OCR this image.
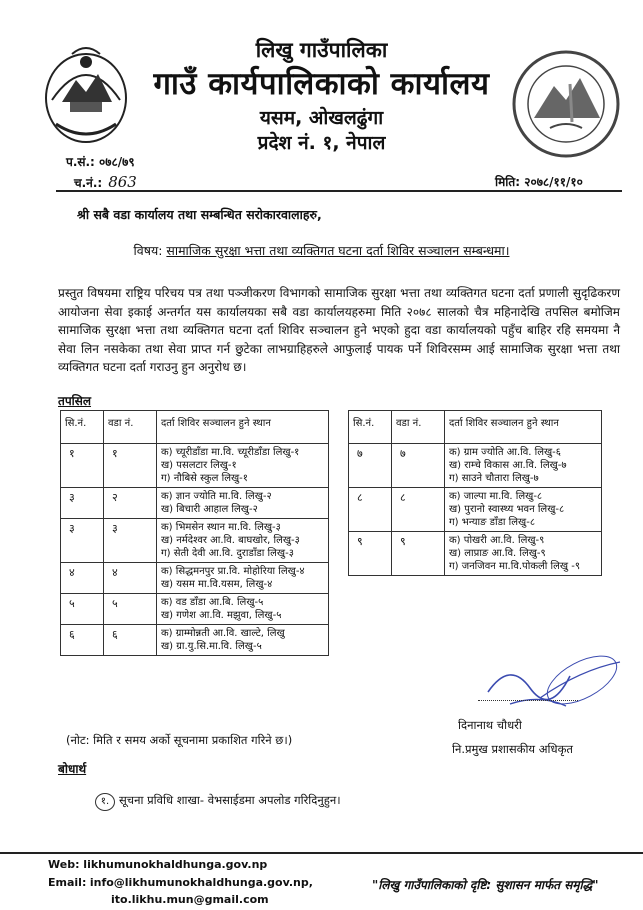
लिखु गाउँपालिका
गाउँ कार्यपालिकाको कार्यालय
यसम, ओखलढुंगा
प्रदेश नं. १, नेपाल
प.सं.: ०७८/७९
च.नं.: 863	मिति: २०७८/११/१०
श्री सबै वडा कार्यालय तथा सम्बन्धित सरोकारवालाहरु,
विषय: सामाजिक सुरक्षा भत्ता तथा व्यक्तिगत घटना दर्ता शिविर सञ्चालन सम्बन्धमा।
प्रस्तुत विषयमा राष्ट्रिय परिचय पत्र तथा पञ्जीकरण विभागको सामाजिक सुरक्षा भत्ता तथा व्यक्तिगत घटना दर्ता प्रणाली सुदृढिकरण आयोजना सेवा इकाई अन्तर्गत यस कार्यालयका सबै वडा कार्यालयहरुमा मिति २०७८ सालको चैत्र महिनादेखि तपसिल बमोजिम सामाजिक सुरक्षा भत्ता तथा व्यक्तिगत घटना दर्ता शिविर सञ्चालन हुने भएको हुदा वडा कार्यालयको पहुँच बाहिर रहि समयमा नै सेवा लिन नसकेका तथा सेवा प्राप्त गर्न छुटेका लाभग्राहिहरुले आफुलाई पायक पर्ने शिविरसम्म आई सामाजिक सुरक्षा भत्ता तथा व्यक्तिगत घटना दर्ता गराउनु हुन अनुरोध छ।
तपसिल
सि.नं.	वडा नं.	दर्ता शिविर सञ्चालन हुने स्थान
१	१	क) च्यूरीडाँडा मा.वि. च्यूरीडाँडा लिखु-१
ख) पसलटार लिखु-१
ग) नौबिसे स्कुल लिखु-१

३	२	क) ज्ञान ज्योति मा.वि. लिखु-२
ख) बिचारी आहाल लिखु-२

३	३	क) भिमसेन स्थान मा.वि. लिखु-३
ख) नर्मदेश्वर आ.वि. बाघखोर, लिखु-३
ग) सेती देवी आ.वि. दुराडाँडा लिखु-३

४	४	क) सिद्धमनपुर प्रा.वि. मोहोरिया लिखु-४
ख) यसम मा.वि.यसम, लिखु-४

५	५	क) वड डाँडा आ.बि. लिखु-५
ख) गणेश आ.वि. मझुवा, लिखु-५

६	६	क) ग्राम्मोन्नती आ.वि. खाल्टे, लिखु
ख) ग्रा.यु.सि.मा.वि. लिखु-५
सि.नं.	वडा नं.	दर्ता शिविर सञ्चालन हुने स्थान
७	७	क) ग्राम ज्योति आ.वि. लिखु-६
ख) राम्चे विकास आ.वि. लिखु-७
ग) साउने चौतारा लिखु-७

८	८	क) जाल्पा मा.वि. लिखु-८
ख) पुरानो स्वास्थ्य भवन लिखु-८
ग) भन्याङ डाँडा लिखु-८

९	९	क) पोखरी आ.वि. लिखु-९
ख) लाप्राङ आ.वि. लिखु-९
ग) जनजिवन मा.वि.पोकली लिखु -९
दिनानाथ चौधरी
नि.प्रमुख प्रशासकीय अधिकृत
(नोट: मिति र समय अर्को सूचनामा प्रकाशित गरिने छ।)
बोधार्थ
१. सूचना प्रविधि शाखा- वेभसाईडमा अपलोड गरिदिनुहुन।
Web: likhumunokhaldhunga.gov.np
Email: info@likhumunokhaldhunga.gov.np,
ito.likhu.mun@gmail.com
"लिखु गाउँपालिकाको दृष्टि: सुशासन मार्फत समृद्धि"
